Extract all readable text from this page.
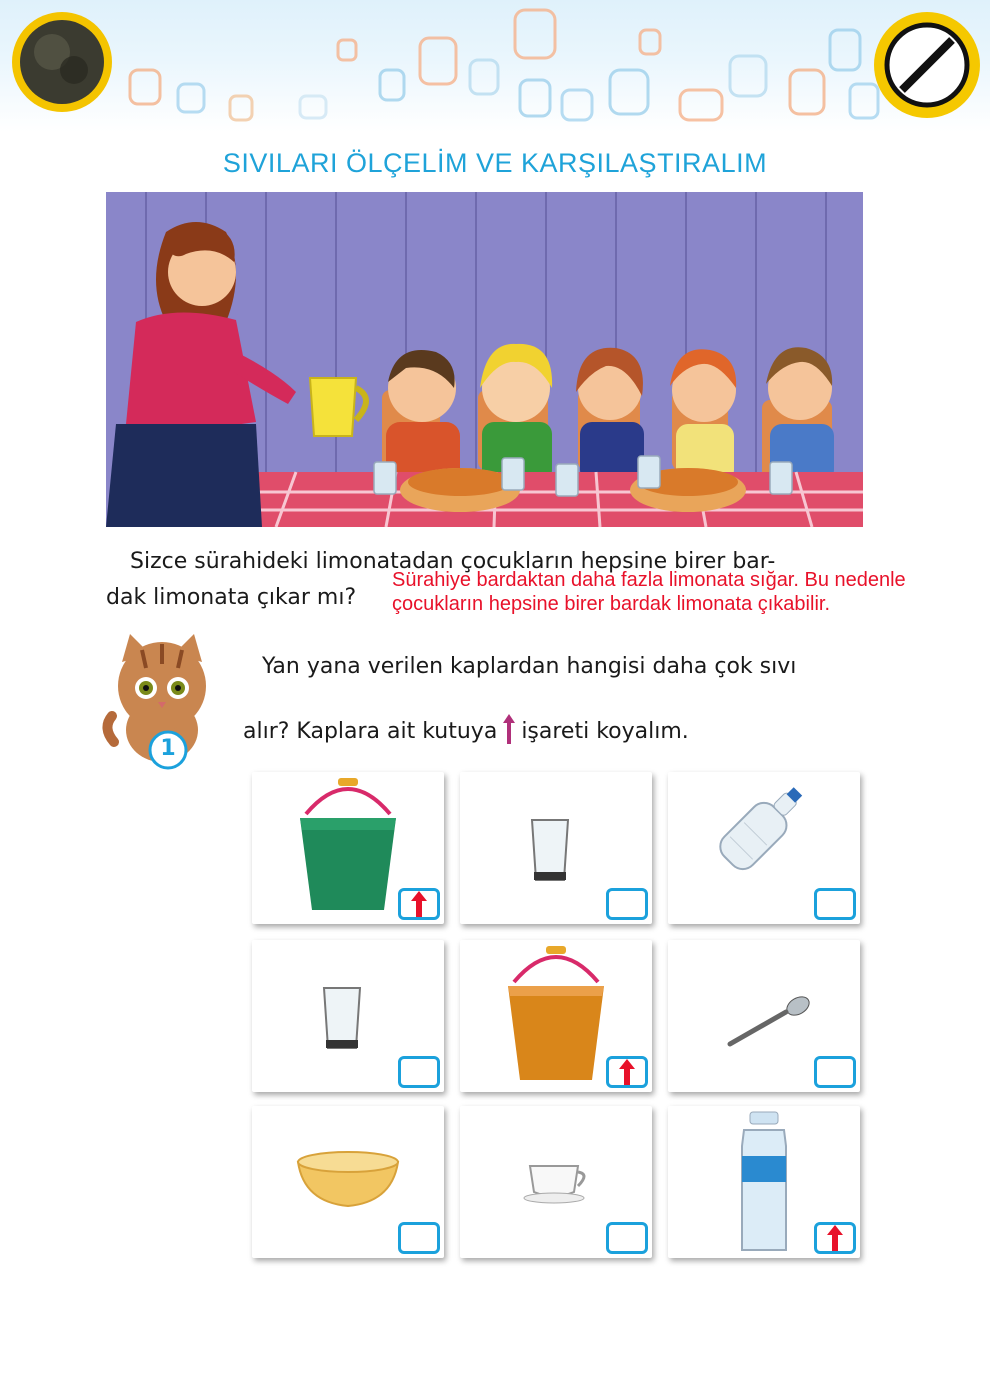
SIVILARI ÖLÇELİM VE KARŞILAŞTIRALIM
Sizce sürahideki limonatadan çocukların hepsine birer bar-
dak limonata çıkar mı?
Sürahiye bardaktan daha fazla limonata sığar. Bu nedenle çocukların hepsine birer bardak limonata çıkabilir.
1
Yan yana verilen kaplardan hangisi daha çok sıvı
alır? Kaplara ait kutuya işareti koyalım.
